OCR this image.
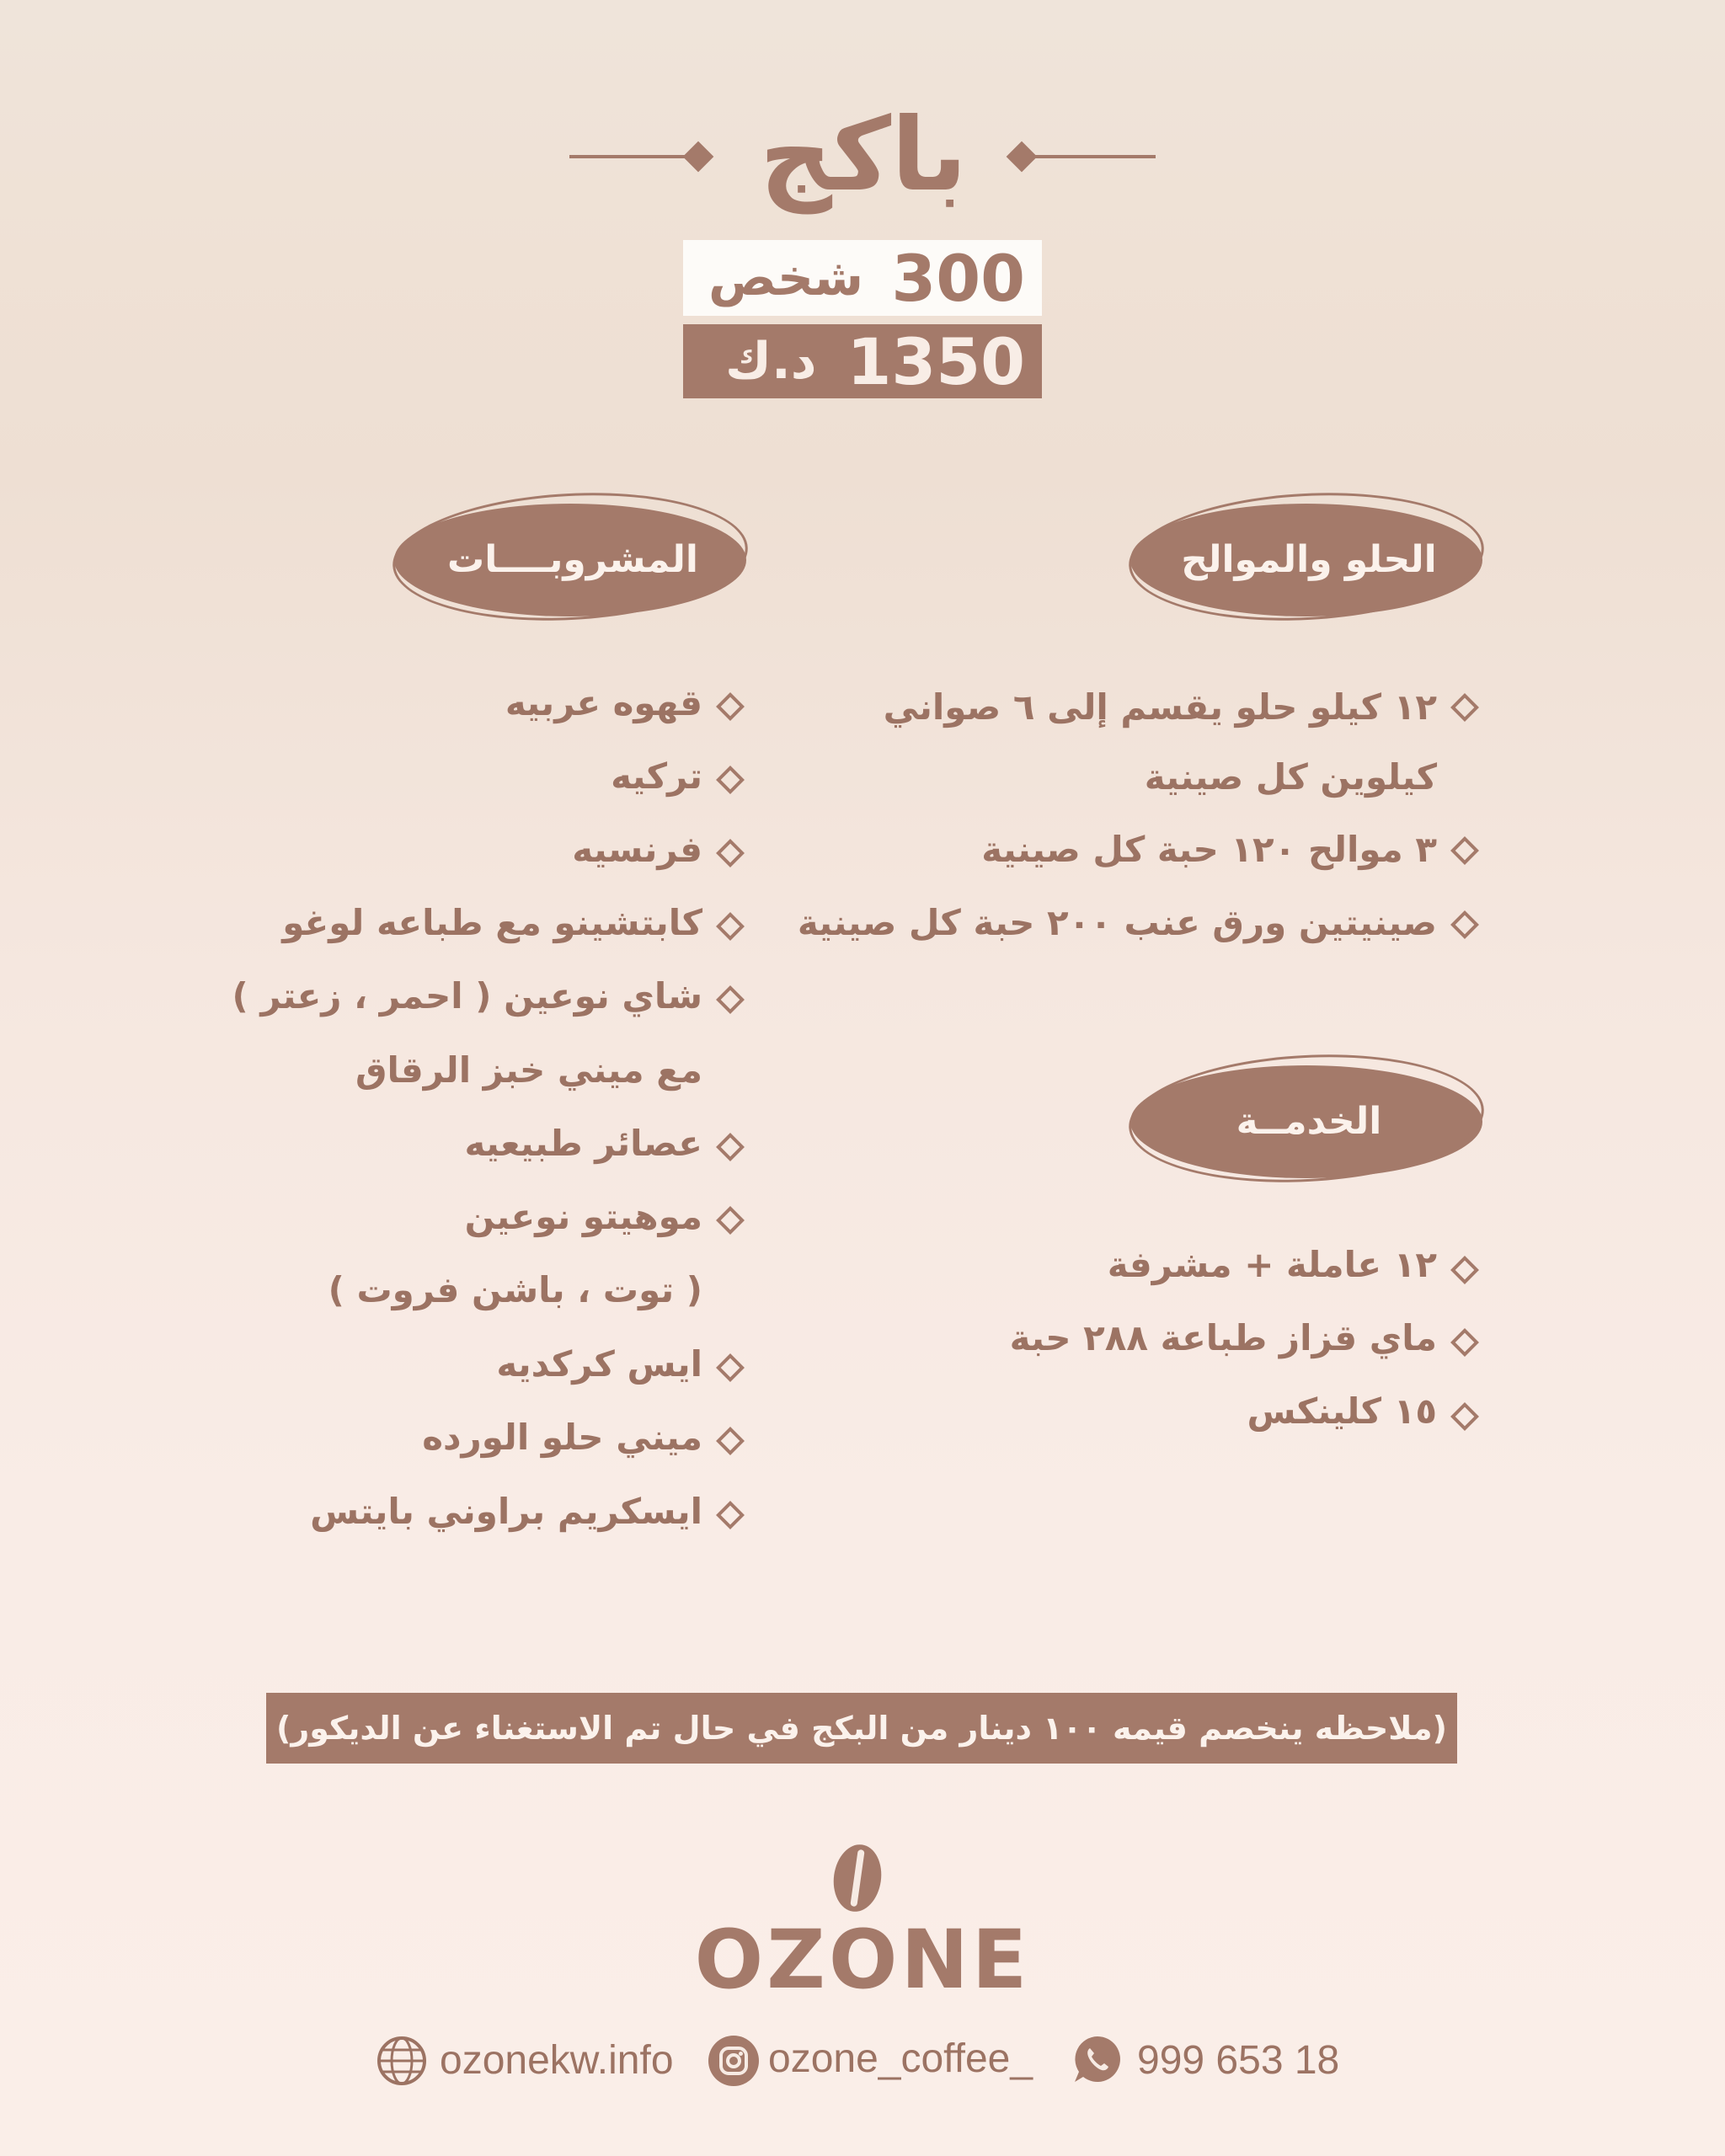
باكج
شخص 300
د.ك 1350
الحلو والموالح
١٢ كيلو حلو يقسم إلى ٦ صواني
كيلوين كل صينية
٣ موالح ١٢٠ حبة كل صينية
صينيتين ورق عنب ٢٠٠ حبة كل صينية
الخدمــة
١٢ عاملة + مشرفة
ماي قزاز طباعة ٢٨٨ حبة
١٥ كلينكس
المشروبــــات
قهوه عربيه
تركيه
فرنسيه
كابتشينو مع طباعه لوغو
شاي نوعين ( احمر ، زعتر )
مع ميني خبز الرقاق
عصائر طبيعيه
موهيتو نوعين
( توت ، باشن فروت )
ايس كركديه
ميني حلو الورده
ايسكريم براوني بايتس
(ملاحظه ينخصم قيمه ١٠٠ دينار من البكج في حال تم الاستغناء عن الديكور)
OZONE
ozonekw.info ozone_coffee_	999 653 18
